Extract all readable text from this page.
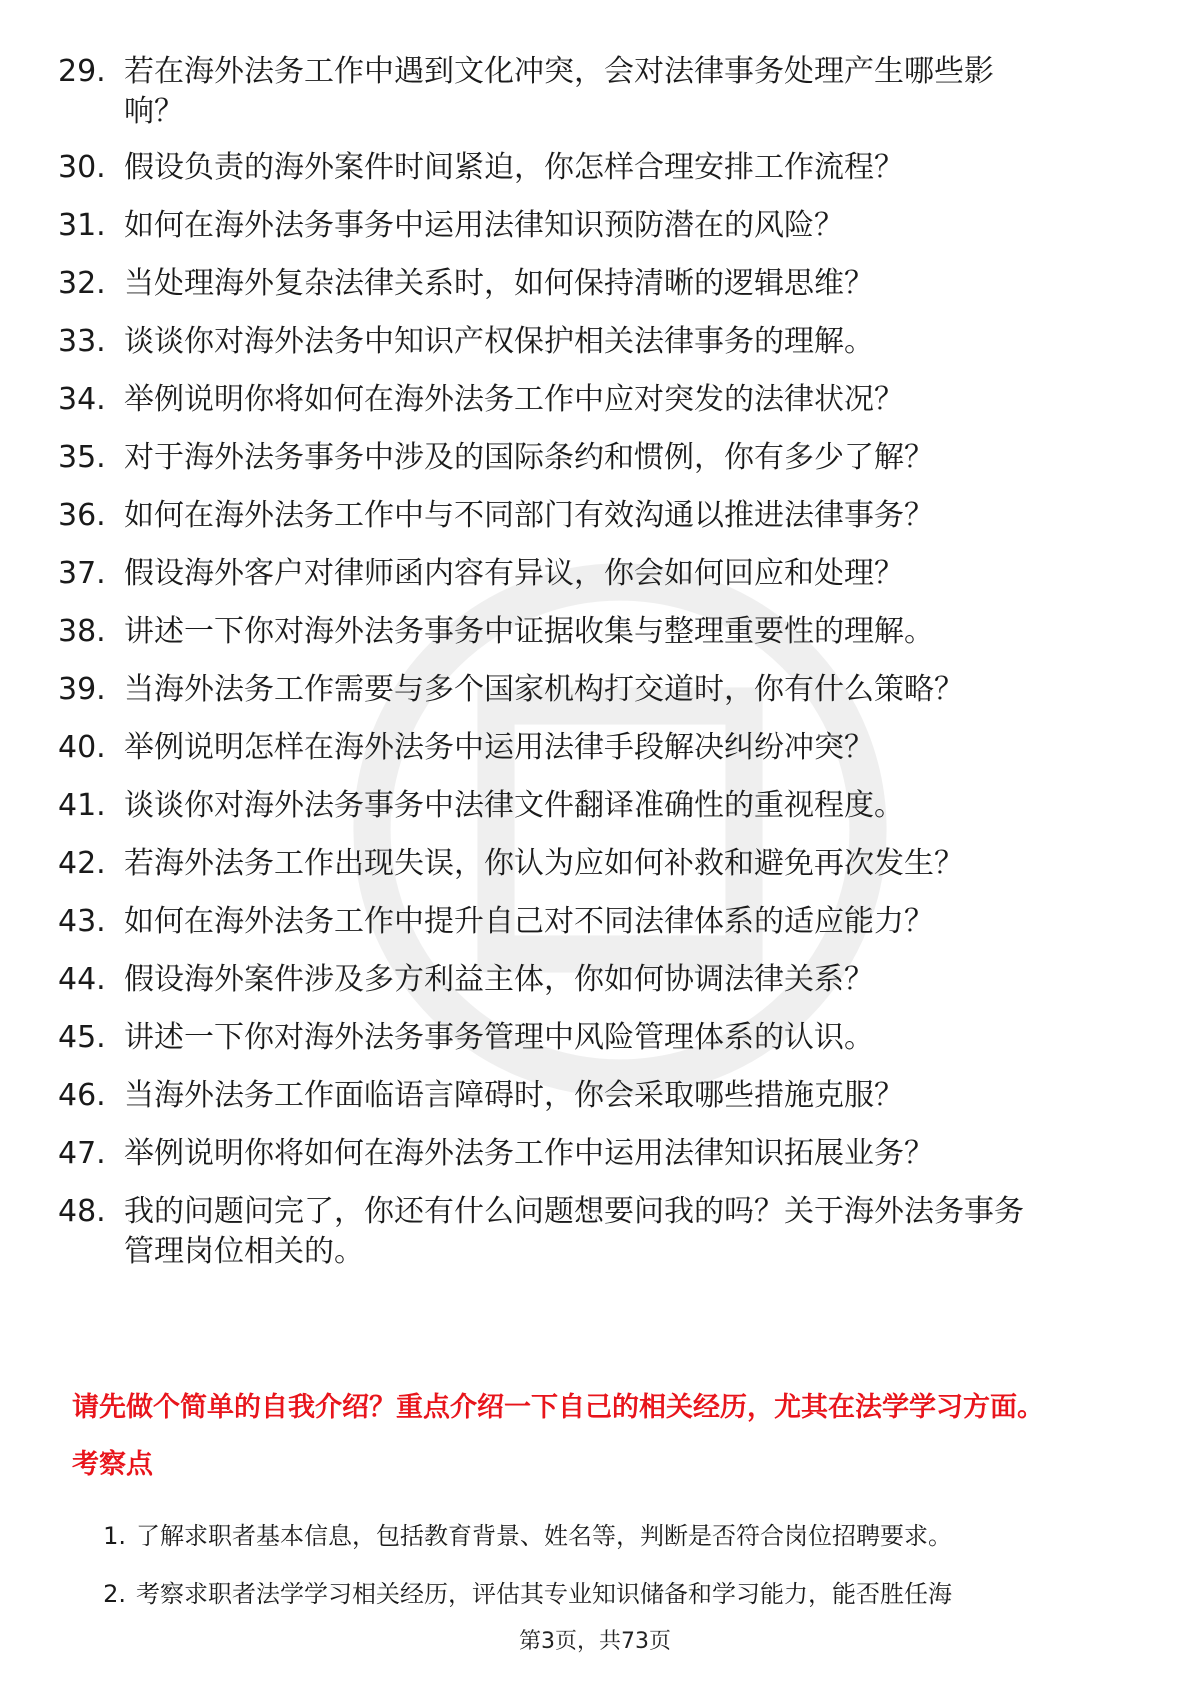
29. 若在海外法务工作中遇到文化冲突，会对法律事务处理产生哪些影响？
30. 假设负责的海外案件时间紧迫，你怎样合理安排工作流程？
31. 如何在海外法务事务中运用法律知识预防潜在的风险？
32. 当处理海外复杂法律关系时，如何保持清晰的逻辑思维？
33. 谈谈你对海外法务中知识产权保护相关法律事务的理解。
34. 举例说明你将如何在海外法务工作中应对突发的法律状况？
35. 对于海外法务事务中涉及的国际条约和惯例，你有多少了解？
36. 如何在海外法务工作中与不同部门有效沟通以推进法律事务？
37. 假设海外客户对律师函内容有异议，你会如何回应和处理？
38. 讲述一下你对海外法务事务中证据收集与整理重要性的理解。
39. 当海外法务工作需要与多个国家机构打交道时，你有什么策略？
40. 举例说明怎样在海外法务中运用法律手段解决纠纷冲突？
41. 谈谈你对海外法务事务中法律文件翻译准确性的重视程度。
42. 若海外法务工作出现失误，你认为应如何补救和避免再次发生？
43. 如何在海外法务工作中提升自己对不同法律体系的适应能力？
44. 假设海外案件涉及多方利益主体，你如何协调法律关系？
45. 讲述一下你对海外法务事务管理中风险管理体系的认识。
46. 当海外法务工作面临语言障碍时，你会采取哪些措施克服？
47. 举例说明你将如何在海外法务工作中运用法律知识拓展业务？
48. 我的问题问完了，你还有什么问题想要问我的吗？关于海外法务事务管理岗位相关的。
请先做个简单的自我介绍？重点介绍一下自己的相关经历，尤其在法学学习方面。
考察点
1. 了解求职者基本信息，包括教育背景、姓名等，判断是否符合岗位招聘要求。
2. 考察求职者法学学习相关经历，评估其专业知识储备和学习能力，能否胜任海
第3页，共73页
